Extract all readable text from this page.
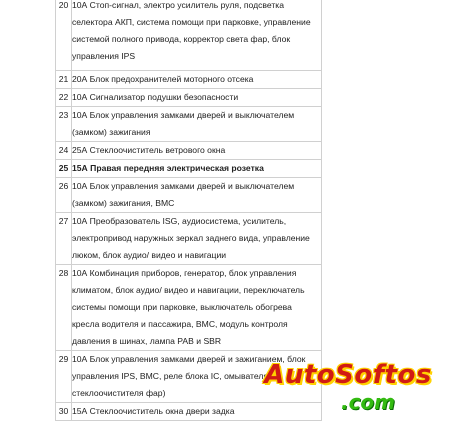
20	10А Стоп-сигнал, электро усилитель руля, подсветка селектора АКП, система помощи при парковке, управление системой полного привода, корректор света фар, блок управления IPS
21	20А Блок предохранителей моторного отсека
22	10А Сигнализатор подушки безопасности
23	10А Блок управления замками дверей и выключателем (замком) зажигания
24	25А Стеклоочиститель ветрового окна
25	15А Правая передняя электрическая розетка
26	10А Блок управления замками дверей и выключателем (замком) зажигания, BMC
27	10А Преобразователь ISG, аудиосистема, усилитель, электропривод наружных зеркал заднего вида, управление люком, блок аудио/ видео и навигации
28	10А Комбинация приборов, генератор, блок управления климатом, блок аудио/ видео и навигации, переключатель системы помощи при парковке, выключатель обогрева кресла водителя и пассажира, BMC, модуль контроля давления в шинах, лампа PAB и SBR
29	10А Блок управления замками дверей и зажиганием, блок управления IPS, BMC, реле блока IC, омывателя стеклоочистителя фар)
30	15А Стеклоочиститель окна двери задка
AutoSoftos
.com
